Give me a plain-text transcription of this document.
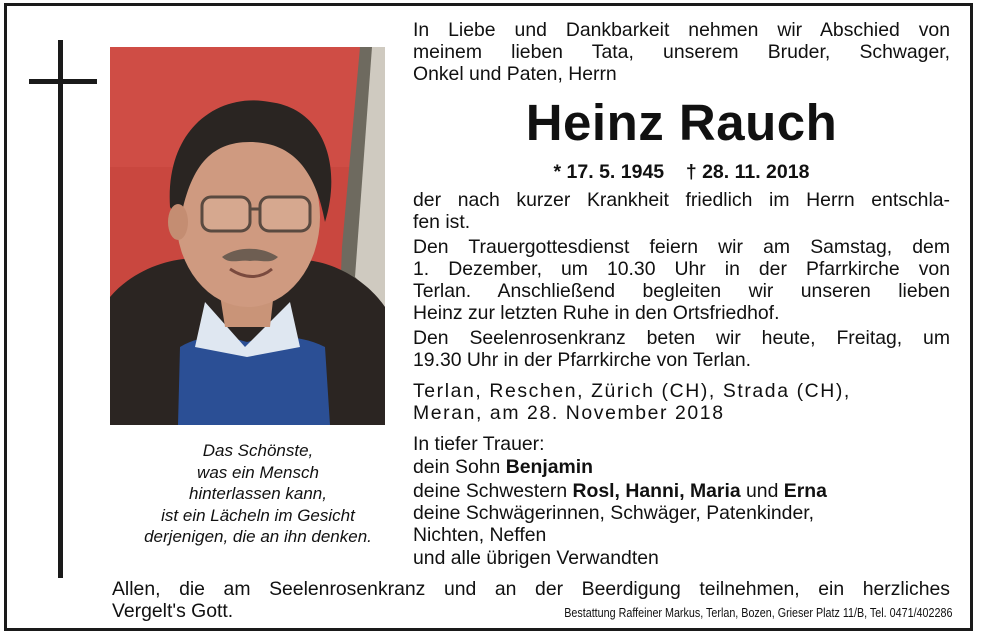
Das Schönste,
was ein Mensch
hinterlassen kann,
ist ein Lächeln im Gesicht
derjenigen, die an ihn denken.
In Liebe und Dankbarkeit nehmen wir Abschied von
meinem lieben Tata, unserem Bruder, Schwager,
Onkel und Paten, Herrn
Heinz Rauch
* 17. 5. 1945 † 28. 11. 2018
der nach kurzer Krankheit friedlich im Herrn entschla-
fen ist.
Den Trauergottesdienst feiern wir am Samstag, dem
1. Dezember, um 10.30 Uhr in der Pfarrkirche von
Terlan. Anschließend begleiten wir unseren lieben
Heinz zur letzten Ruhe in den Ortsfriedhof.
Den Seelenrosenkranz beten wir heute, Freitag, um
19.30 Uhr in der Pfarrkirche von Terlan.
Terlan, Reschen, Zürich (CH), Strada (CH),
Meran, am 28. November 2018
In tiefer Trauer:
dein Sohn Benjamin
deine Schwestern Rosl, Hanni, Maria und Erna
deine Schwägerinnen, Schwäger, Patenkinder,
Nichten, Neffen
und alle übrigen Verwandten
Allen, die am Seelenrosenkranz und an der Beerdigung teilnehmen, ein herzliches
Vergelt's Gott.	Bestattung Raffeiner Markus, Terlan, Bozen, Grieser Platz 11/B, Tel. 0471/402286
